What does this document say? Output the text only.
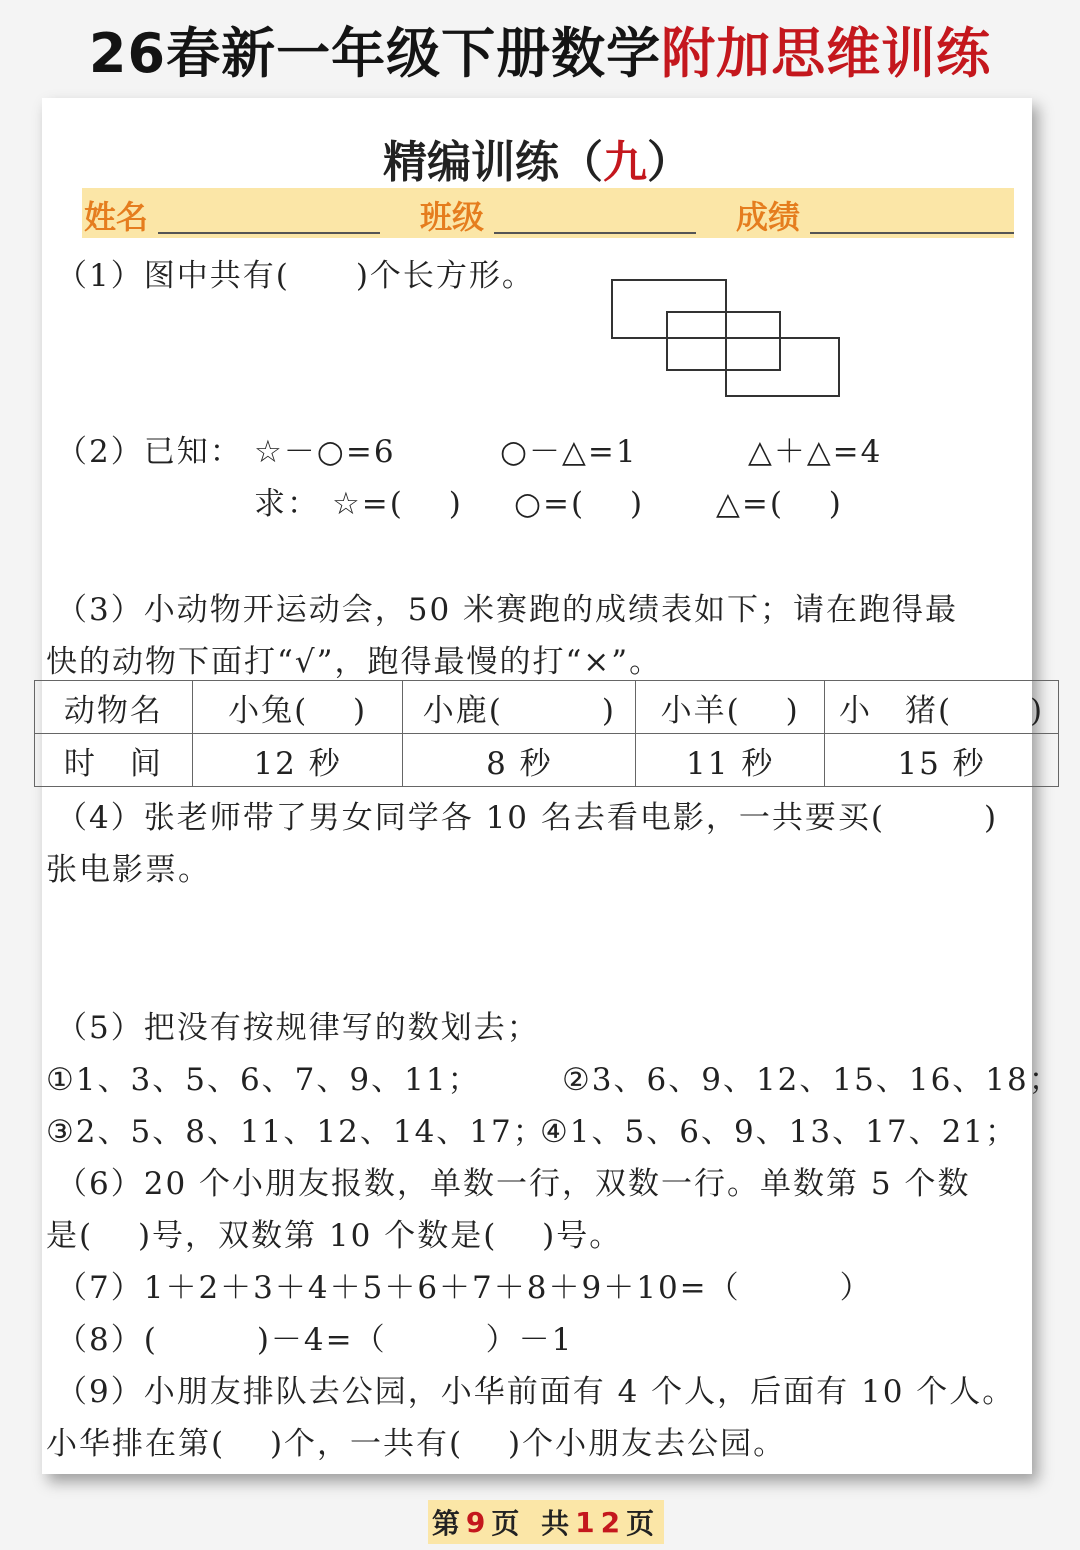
26春新一年级下册数学 附加思维训练
精编训练（九）
姓名	班级	成绩
（1）图中共有(　　)个长方形。
（2）已知： ☆－○=6	○－△=1	△＋△=4
求： ☆=(　 ) ○=(　 ) △=(　 )
（3）小动物开运动会，50 米赛跑的成绩表如下；请在跑得最
快的动物下面打“√”，跑得最慢的打“×”。
动物名	小兔(　 )	小鹿(　　　)	小羊(　 )	小　猪(　　 )
时　间	12 秒	8 秒	11 秒	15 秒
（4）张老师带了男女同学各 10 名去看电影，一共要买(　　　)
张电影票。
（5）把没有按规律写的数划去；
①1、3、5、6、7、9、11；	②3、6、9、12、15、16、18；
③2、5、8、11、12、14、17；
④1、5、6、9、13、17、21；
（6）20 个小朋友报数，单数一行，双数一行。单数第 5 个数
是(　 )号，双数第 10 个数是(　 )号。
（7）1＋2＋3＋4＋5＋6＋7＋8＋9＋10=（　　　）
（8）(　　　)－4=（　　　）－1
（9）小朋友排队去公园，小华前面有 4 个人，后面有 10 个人。
小华排在第(　 )个，一共有(　 )个小朋友去公园。
第 9 页 共 12 页
